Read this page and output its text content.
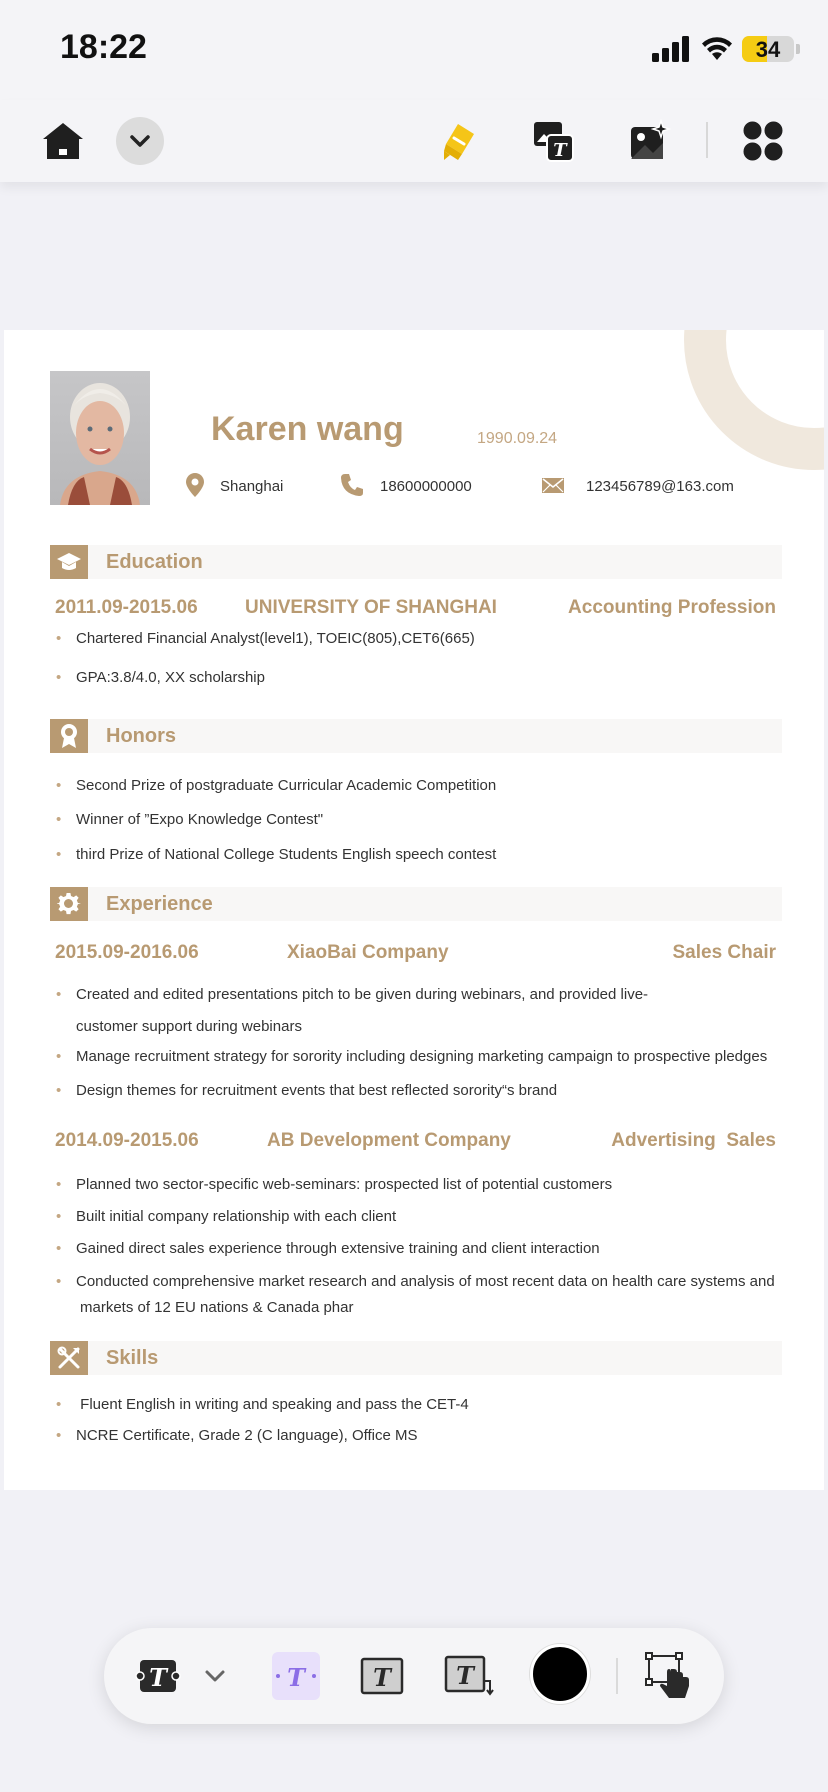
18:22	34
T
Karen wang	1990.09.24
Shanghai	18600000000	123456789@163.com
Education
2011.09-2015.06 UNIVERSITY OF SHANGHAI	Accounting Profession
• Chartered Financial Analyst(level1), TOEIC(805),CET6(665)
• GPA:3.8/4.0, XX scholarship
Honors
• Second Prize of postgraduate Curricular Academic Competition
• Winner of ”Expo Knowledge Contest"
• third Prize of National College Students English speech contest
Experience
2015.09-2016.06	XiaoBai Company	Sales Chair
• Created and edited presentations pitch to be given during webinars, and provided live-
customer support during webinars
• Manage recruitment strategy for sorority including designing marketing campaign to prospective pledges
• Design themes for recruitment events that best reflected sorority“s brand
2014.09-2015.06	AB Development Company	Advertising  Sales
• Planned two sector-specific web-seminars: prospected list of potential customers
• Built initial company relationship with each client
• Gained direct sales experience through extensive training and client interaction
• Conducted comprehensive market research and analysis of most recent data on health care systems and
markets of 12 EU nations & Canada phar
Skills
•  Fluent English in writing and speaking and pass the CET-4
• NCRE Certificate, Grade 2 (C language), Office MS
T	T	T	T
